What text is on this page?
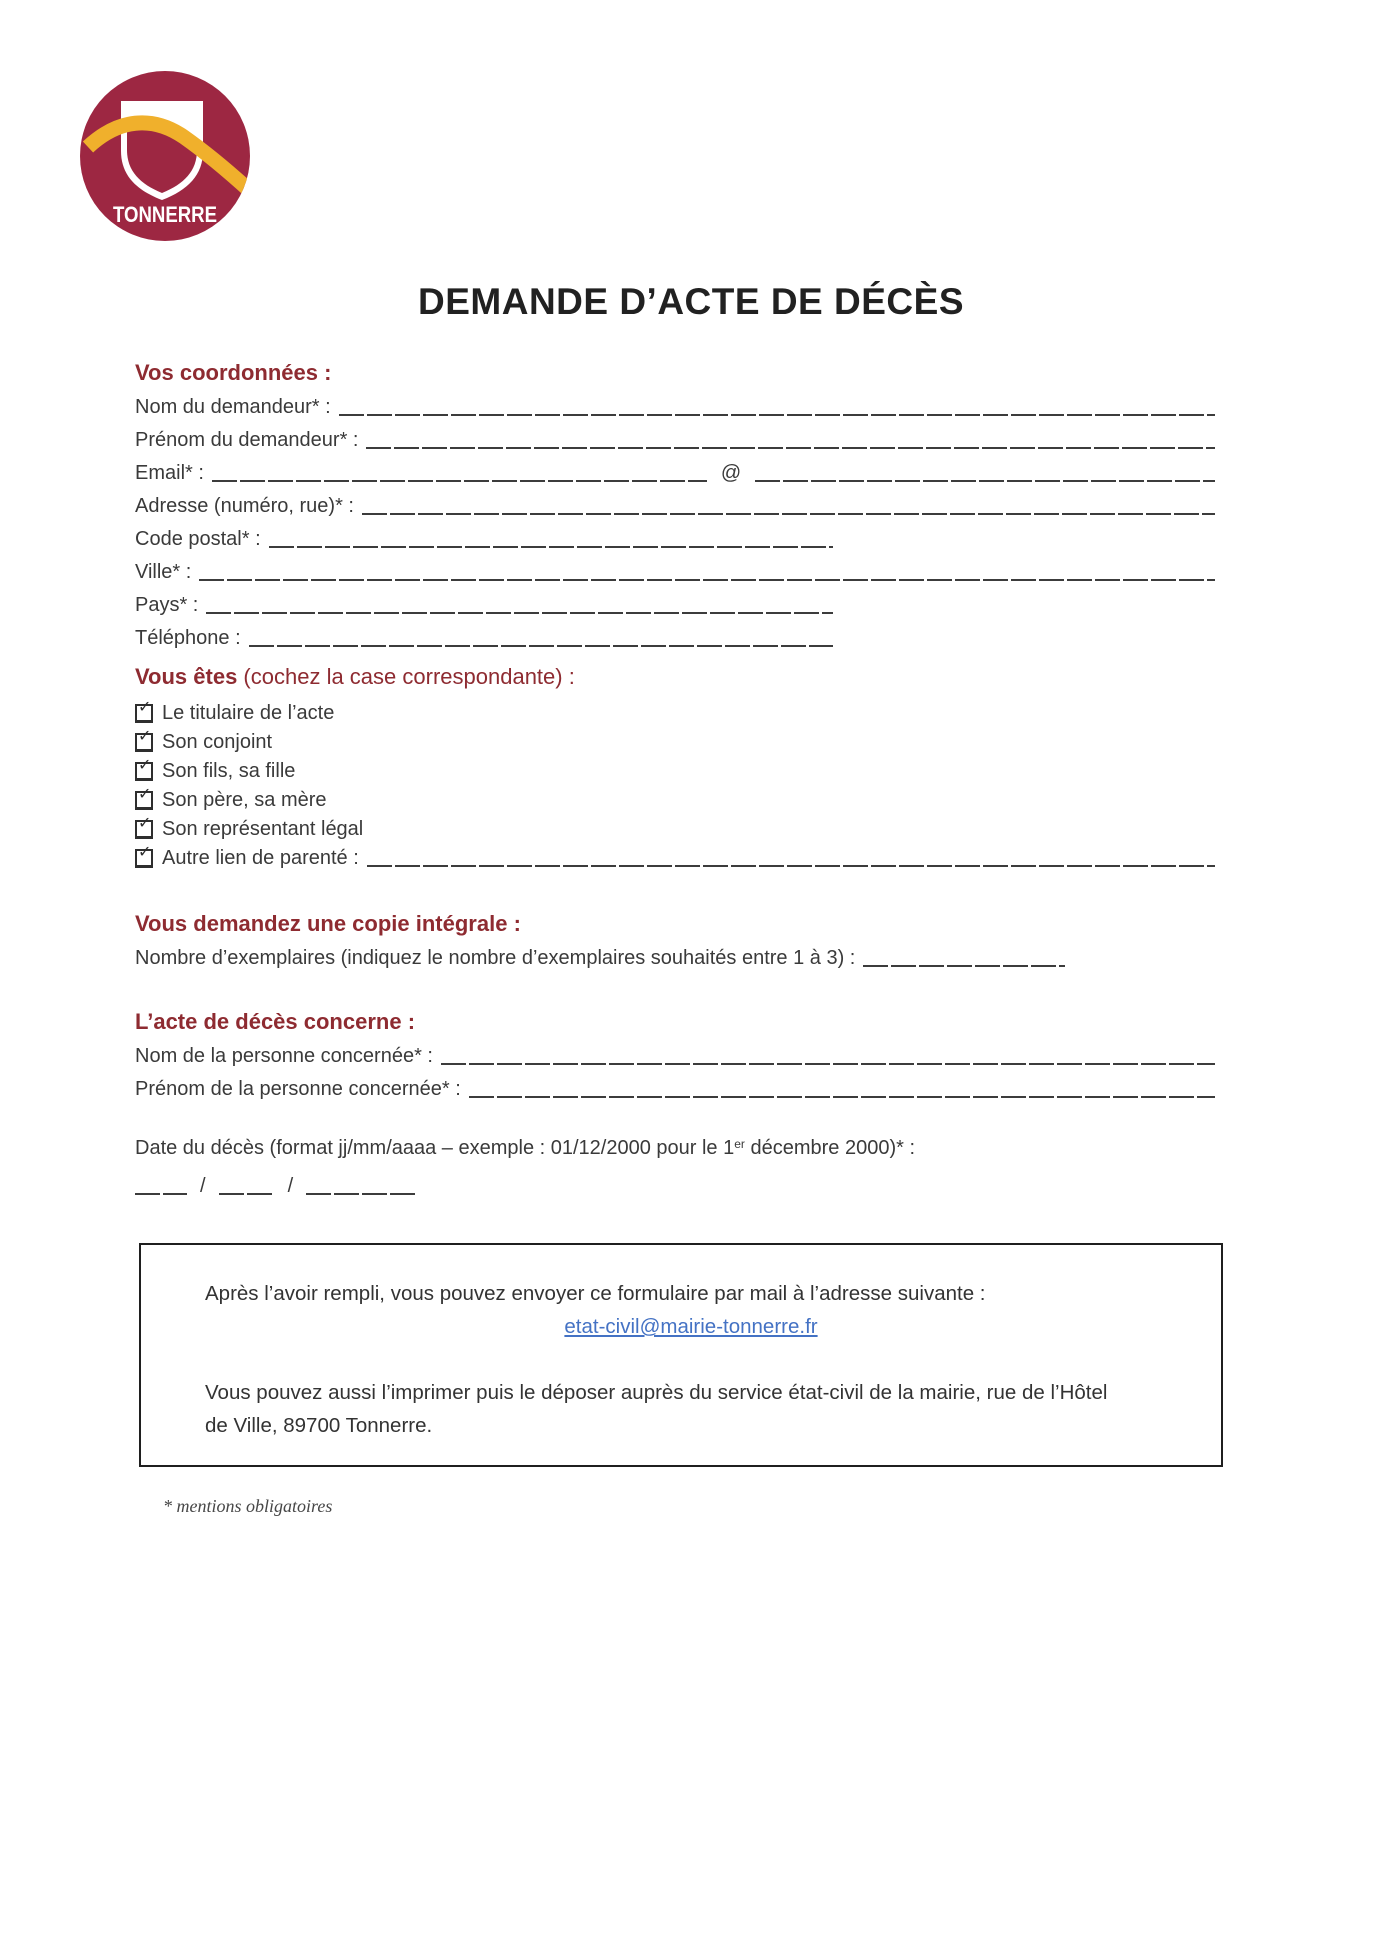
TONNERRE
DEMANDE D’ACTE DE DÉCÈS
Vos coordonnées :
Nom du demandeur* :
Prénom du demandeur* :
Email* :	@
Adresse (numéro, rue)* :
Code postal* :
Ville* :
Pays* :
Téléphone :
Vous êtes (cochez la case correspondante) :
✓ Le titulaire de l’acte
✓ Son conjoint
✓ Son fils, sa fille
✓ Son père, sa mère
✓ Son représentant légal
✓ Autre lien de parenté :
Vous demandez une copie intégrale :
Nombre d’exemplaires (indiquez le nombre d’exemplaires souhaités entre 1 à 3) :
L’acte de décès concerne :
Nom de la personne concernée* :
Prénom de la personne concernée* :
Date du décès (format jj/mm/aaaa – exemple : 01/12/2000 pour le 1er décembre 2000)* :
/	/

Après l’avoir rempli, vous pouvez envoyer ce formulaire par mail à l’adresse suivante :

etat-civil@mairie-tonnerre.fr

Vous pouvez aussi l’imprimer puis le déposer auprès du service état-civil de la mairie, rue de l’Hôtel de Ville, 89700 Tonnerre.

* mentions obligatoires
